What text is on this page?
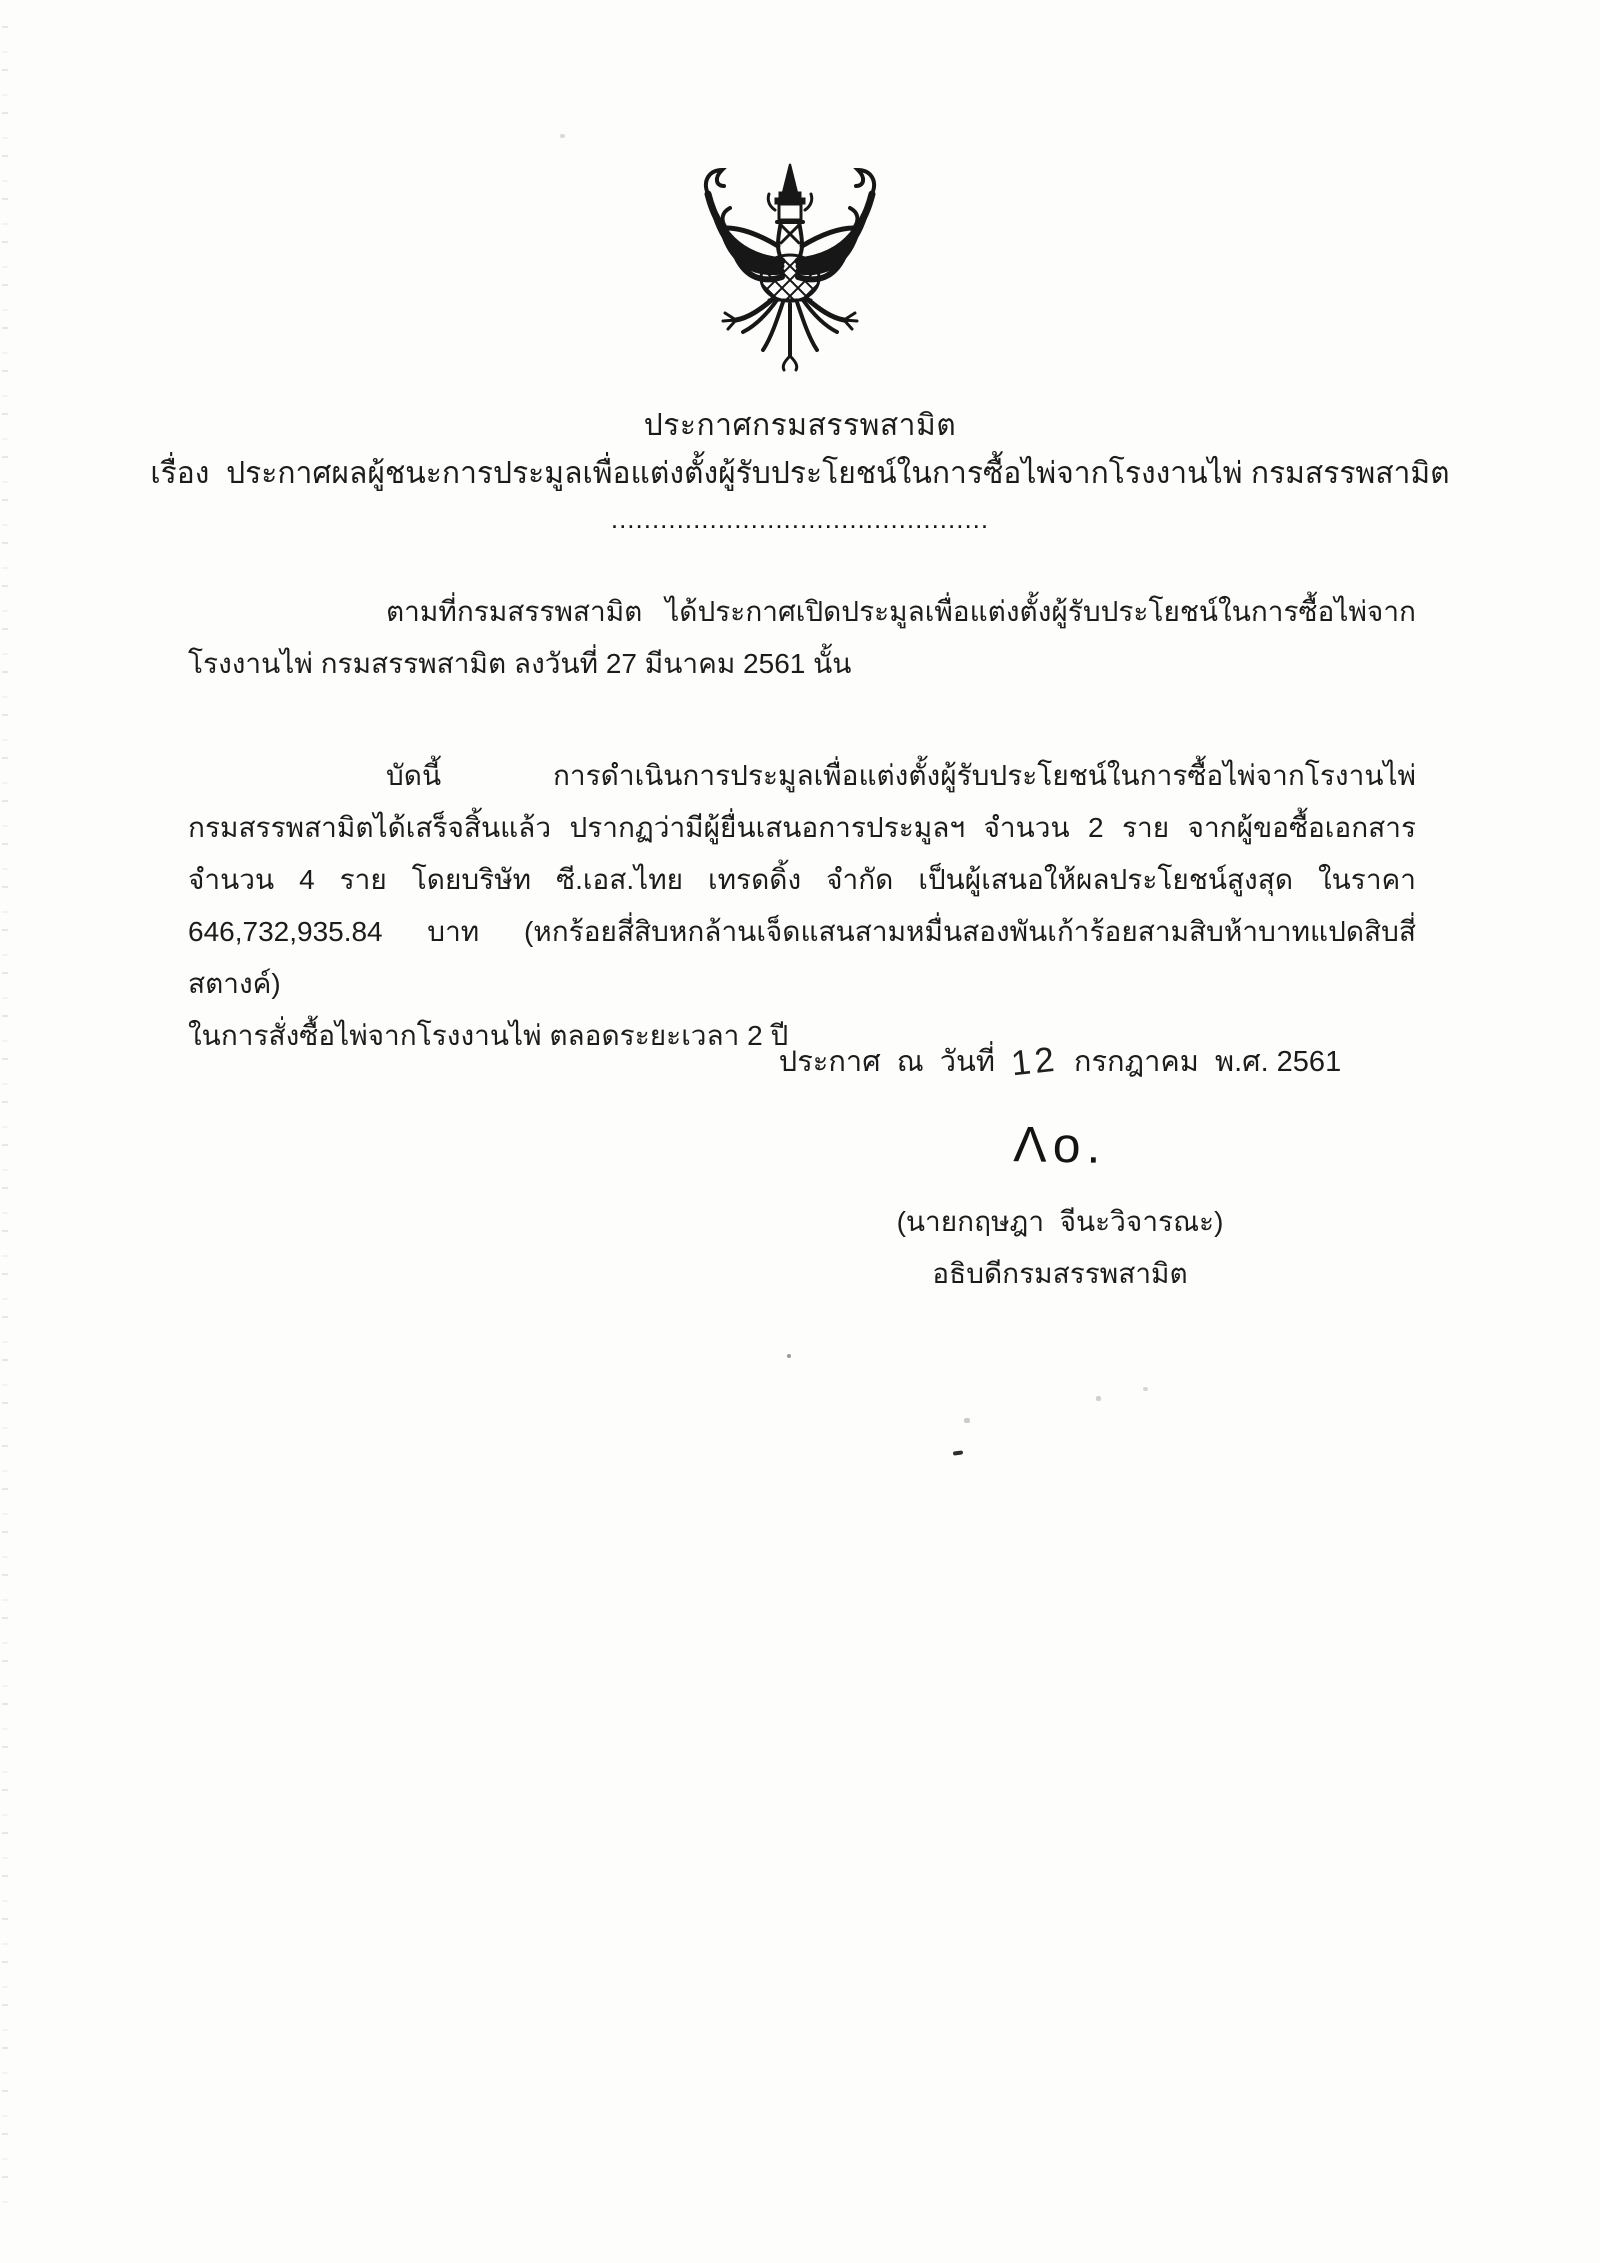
ประกาศกรมสรรพสามิต
เรื่อง  ประกาศผลผู้ชนะการประมูลเพื่อแต่งตั้งผู้รับประโยชน์ในการซื้อไพ่จากโรงงานไพ่ กรมสรรพสามิต
..............................................
ตามที่กรมสรรพสามิต ได้ประกาศเปิดประมูลเพื่อแต่งตั้งผู้รับประโยชน์ในการซื้อไพ่จาก
โรงงานไพ่ กรมสรรพสามิต ลงวันที่ 27 มีนาคม 2561 นั้น
บัดนี้ การดำเนินการประมูลเพื่อแต่งตั้งผู้รับประโยชน์ในการซื้อไพ่จากโรงานไพ่
กรมสรรพสามิตได้เสร็จสิ้นแล้ว ปรากฏว่ามีผู้ยื่นเสนอการประมูลฯ จำนวน 2 ราย จากผู้ขอซื้อเอกสาร
จำนวน 4 ราย โดยบริษัท ซี.เอส.ไทย เทรดดิ้ง จำกัด เป็นผู้เสนอให้ผลประโยชน์สูงสุด ในราคา
646,732,935.84 บาท (หกร้อยสี่สิบหกล้านเจ็ดแสนสามหมื่นสองพันเก้าร้อยสามสิบห้าบาทแปดสิบสี่สตางค์)
ในการสั่งซื้อไพ่จากโรงงานไพ่ ตลอดระยะเวลา 2 ปี
ประกาศ  ณ  วันที่ 12 กรกฎาคม  พ.ศ. 2561
Λο.
(นายกฤษฎา  จีนะวิจารณะ)
อธิบดีกรมสรรพสามิต
